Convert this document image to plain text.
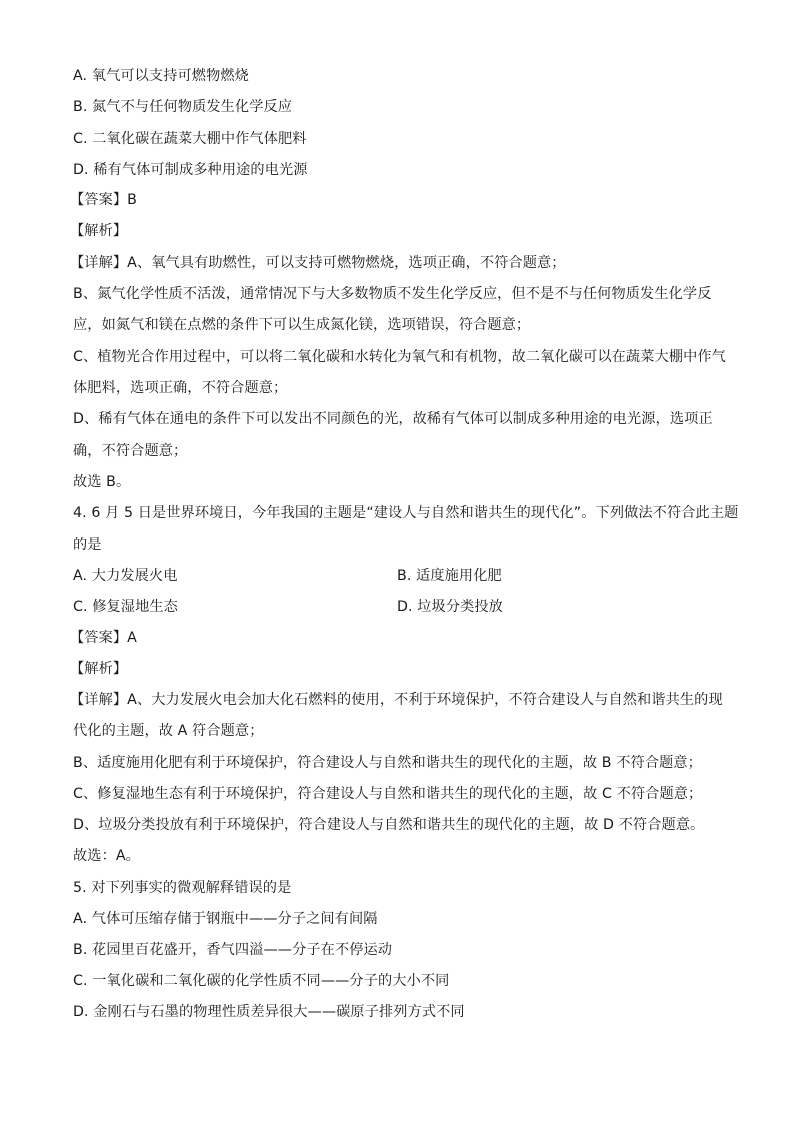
A. 氧气可以支持可燃物燃烧
B. 氮气不与任何物质发生化学反应
C. 二氧化碳在蔬菜大棚中作气体肥料
D. 稀有气体可制成多种用途的电光源
【答案】B
【解析】
【详解】A、氧气具有助燃性，可以支持可燃物燃烧，选项正确，不符合题意；
B、氮气化学性质不活泼，通常情况下与大多数物质不发生化学反应，但不是不与任何物质发生化学反
应，如氮气和镁在点燃的条件下可以生成氮化镁，选项错误，符合题意；
C、植物光合作用过程中，可以将二氧化碳和水转化为氧气和有机物，故二氧化碳可以在蔬菜大棚中作气
体肥料，选项正确，不符合题意；
D、稀有气体在通电的条件下可以发出不同颜色的光，故稀有气体可以制成多种用途的电光源，选项正
确，不符合题意；
故选 B。
4. 6 月 5 日是世界环境日，今年我国的主题是“建设人与自然和谐共生的现代化”。下列做法不符合此主题
的是
A. 大力发展火电	B. 适度施用化肥
C. 修复湿地生态	D. 垃圾分类投放
【答案】A
【解析】
【详解】A、大力发展火电会加大化石燃料的使用，不利于环境保护，不符合建设人与自然和谐共生的现
代化的主题，故 A 符合题意；
B、适度施用化肥有利于环境保护，符合建设人与自然和谐共生的现代化的主题，故 B 不符合题意；
C、修复湿地生态有利于环境保护，符合建设人与自然和谐共生的现代化的主题，故 C 不符合题意；
D、垃圾分类投放有利于环境保护，符合建设人与自然和谐共生的现代化的主题，故 D 不符合题意。
故选：A。
5. 对下列事实的微观解释错误的是
A. 气体可压缩存储于钢瓶中——分子之间有间隔
B. 花园里百花盛开，香气四溢——分子在不停运动
C. 一氧化碳和二氧化碳的化学性质不同——分子的大小不同
D. 金刚石与石墨的物理性质差异很大——碳原子排列方式不同
